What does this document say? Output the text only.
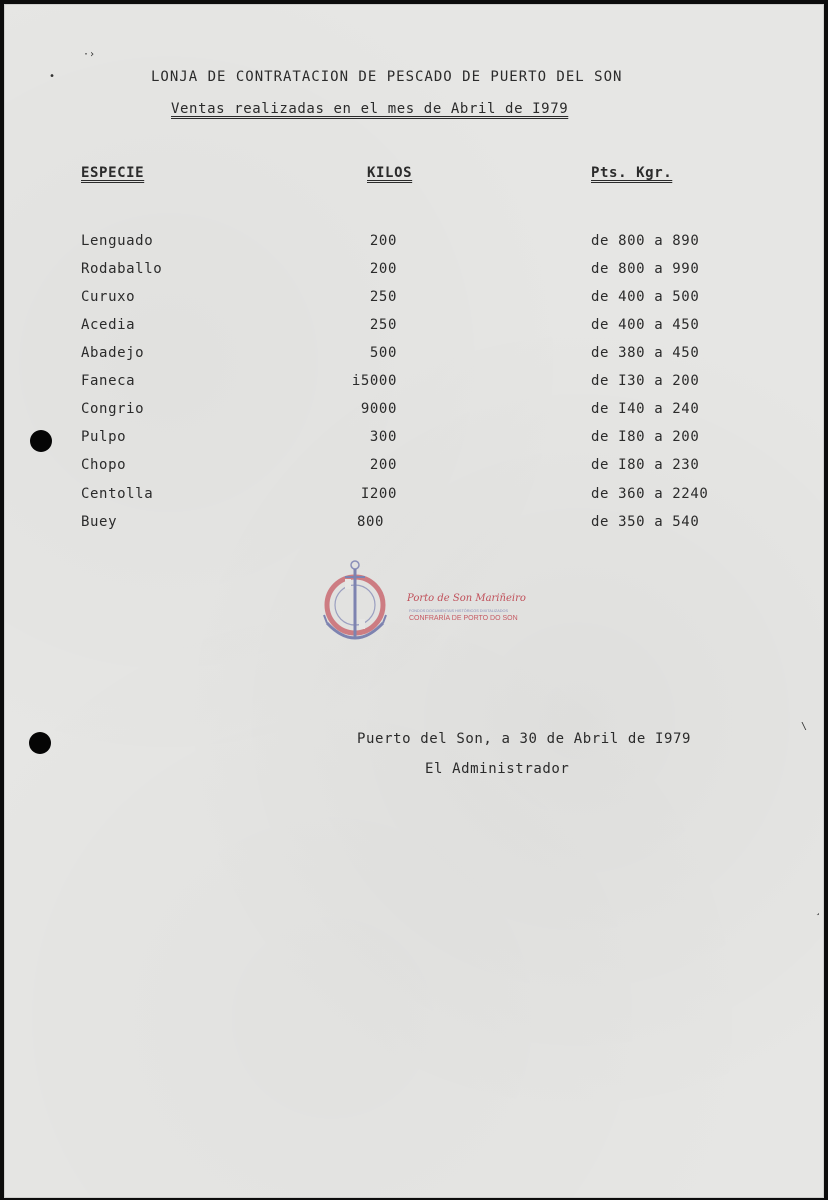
·›
•	LONJA DE CONTRATACION DE PESCADO DE PUERTO DEL SON
Ventas realizadas en el mes de Abril de I979
ESPECIE	KILOS	Pts. Kgr.
Lenguado	200	de 800 a 890
Rodaballo	200	de 800 a 990
Curuxo	250	de 400 a 500
Acedia	250	de 400 a 450
Abadejo	500	de 380 a 450
Faneca	i5000	de I30 a 200
Congrio	9000	de I40 a 240
Pulpo	300	de I80 a 200
Chopo	200	de I80 a 230
Centolla	I200	de 360 a 2240
Buey	800	de 350 a 540
Porto de Son Mariñeiro
FONDOS DOCUMENTAIS HISTÓRICOS DIXITALIZADOS
CONFRARÍA DE PORTO DO SON
Puerto del Son, a 30 de Abril de I979
El Administrador
\
¸
